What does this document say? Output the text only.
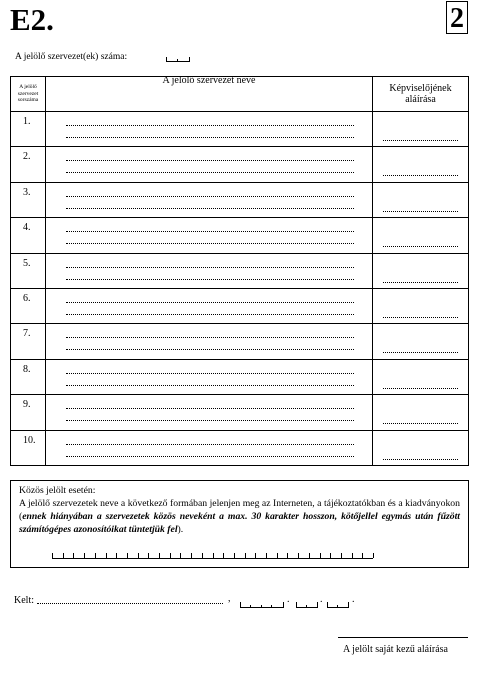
E2.	2
A jelölő szervezet(ek) száma:
A jelölő szervezet sorszáma	A jelölő szervezet neve	Képviselőjének aláírása

1.		

2.		

3.		

4.		

5.		

6.		

7.		

8.		

9.		

10.		

Közös jelölt esetén:
A jelölő szervezetek neve a következő formában jelenjen meg az Interneten, a tájékoztatókban és a kiadványokon (ennek hiányában a szervezetek közös neveként a max. 30 karakter hosszon, kötőjellel egymás után fűzött számítógépes azonosítóikat tüntetjük fel).
Kelt:	,	.	.	.
A jelölt saját kezű aláírása
